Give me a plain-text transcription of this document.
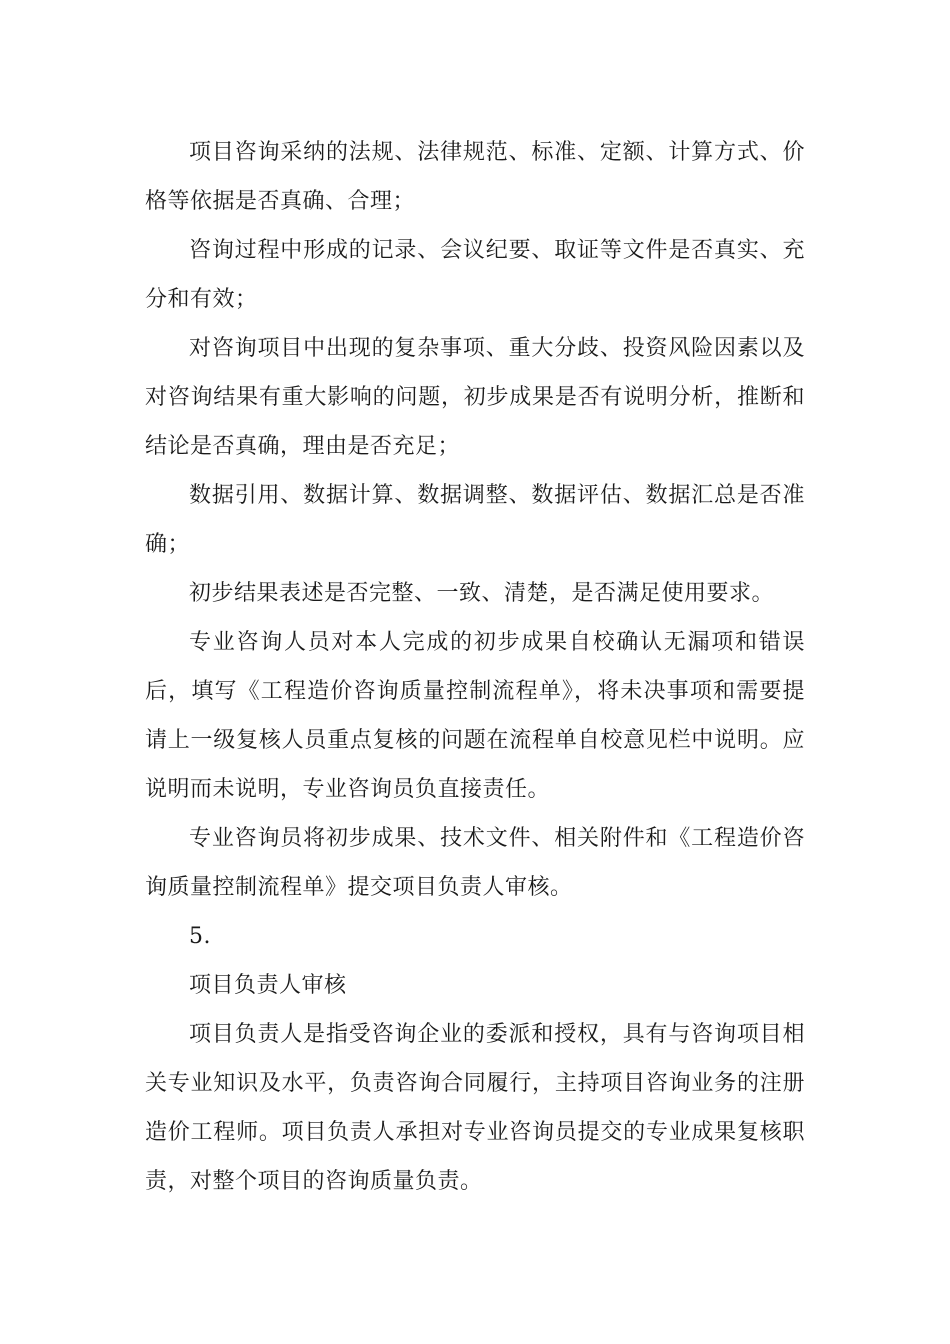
项目咨询采纳的法规、法律规范、标准、定额、计算方式、价格等依据是否真确、合理；

咨询过程中形成的记录、会议纪要、取证等文件是否真实、充分和有效；

对咨询项目中出现的复杂事项、重大分歧、投资风险因素以及对咨询结果有重大影响的问题，初步成果是否有说明分析，推断和结论是否真确，理由是否充足；

数据引用、数据计算、数据调整、数据评估、数据汇总是否准确；

初步结果表述是否完整、一致、清楚，是否满足使用要求。

专业咨询人员对本人完成的初步成果自校确认无漏项和错误后，填写《工程造价咨询质量控制流程单》，将未决事项和需要提请上一级复核人员重点复核的问题在流程单自校意见栏中说明。应说明而未说明，专业咨询员负直接责任。

专业咨询员将初步成果、技术文件、相关附件和《工程造价咨询质量控制流程单》提交项目负责人审核。

5.

项目负责人审核

项目负责人是指受咨询企业的委派和授权，具有与咨询项目相关专业知识及水平，负责咨询合同履行，主持项目咨询业务的注册造价工程师。项目负责人承担对专业咨询员提交的专业成果复核职责，对整个项目的咨询质量负责。
